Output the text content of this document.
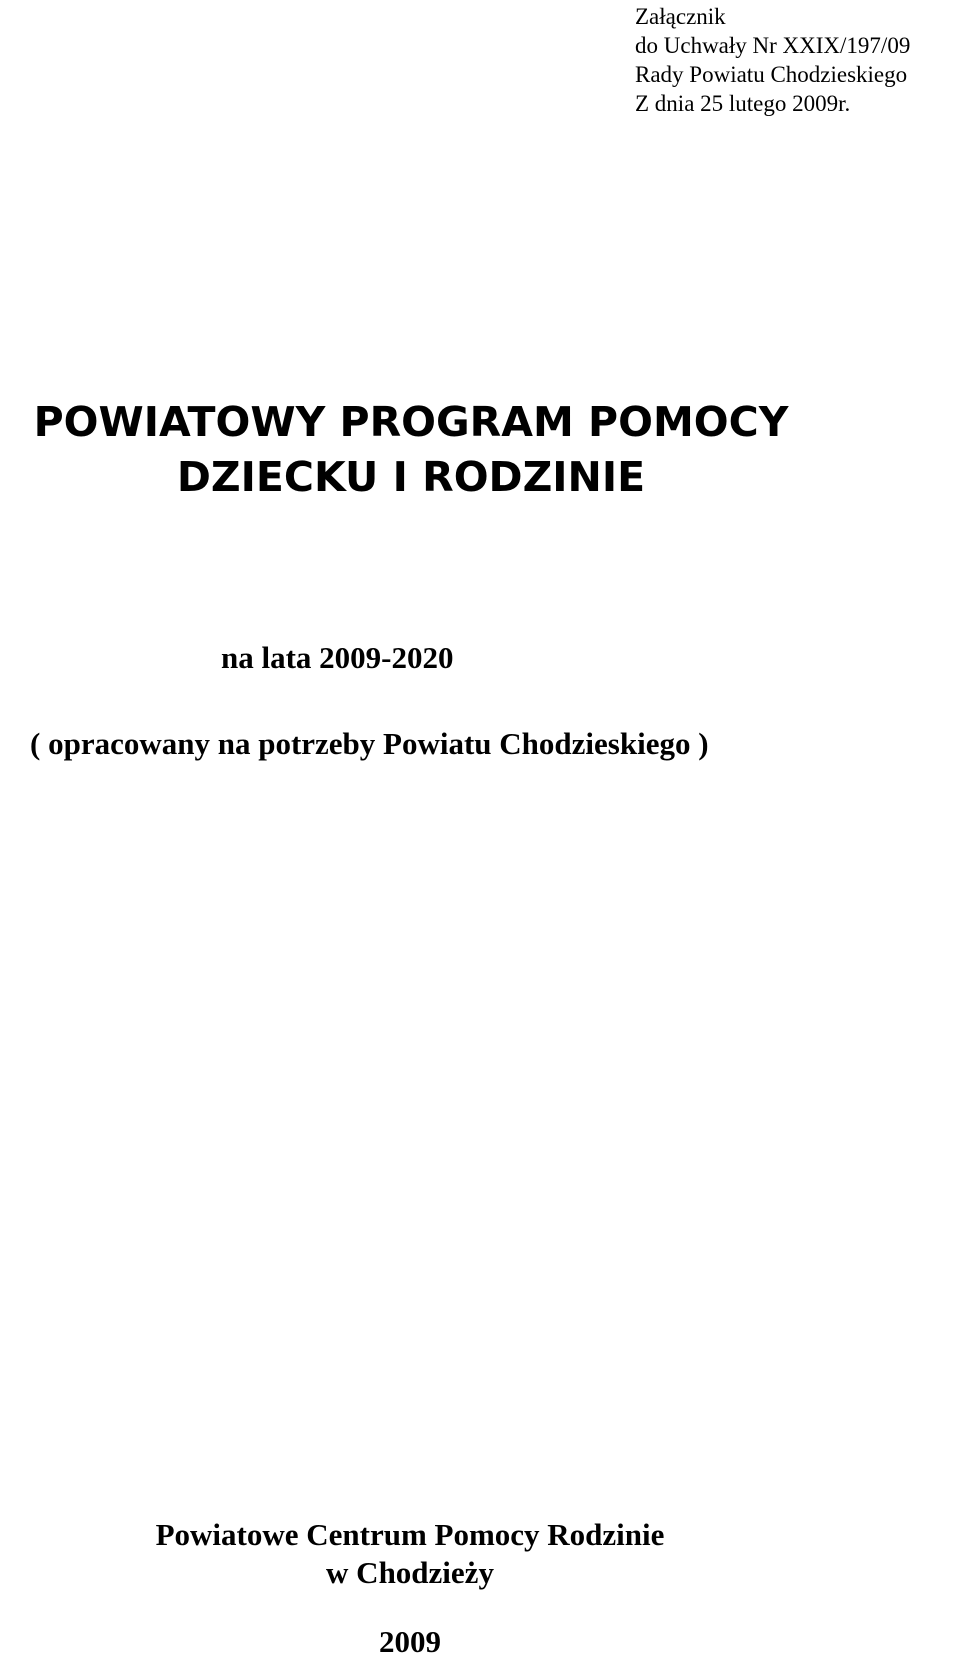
Załącznik
do Uchwały Nr XXIX/197/09
Rady Powiatu Chodzieskiego
Z dnia 25 lutego 2009r.
POWIATOWY PROGRAM POMOCY
DZIECKU I RODZINIE
na lata 2009-2020
( opracowany na potrzeby Powiatu Chodzieskiego )
Powiatowe Centrum Pomocy Rodzinie
w Chodzieży
2009
